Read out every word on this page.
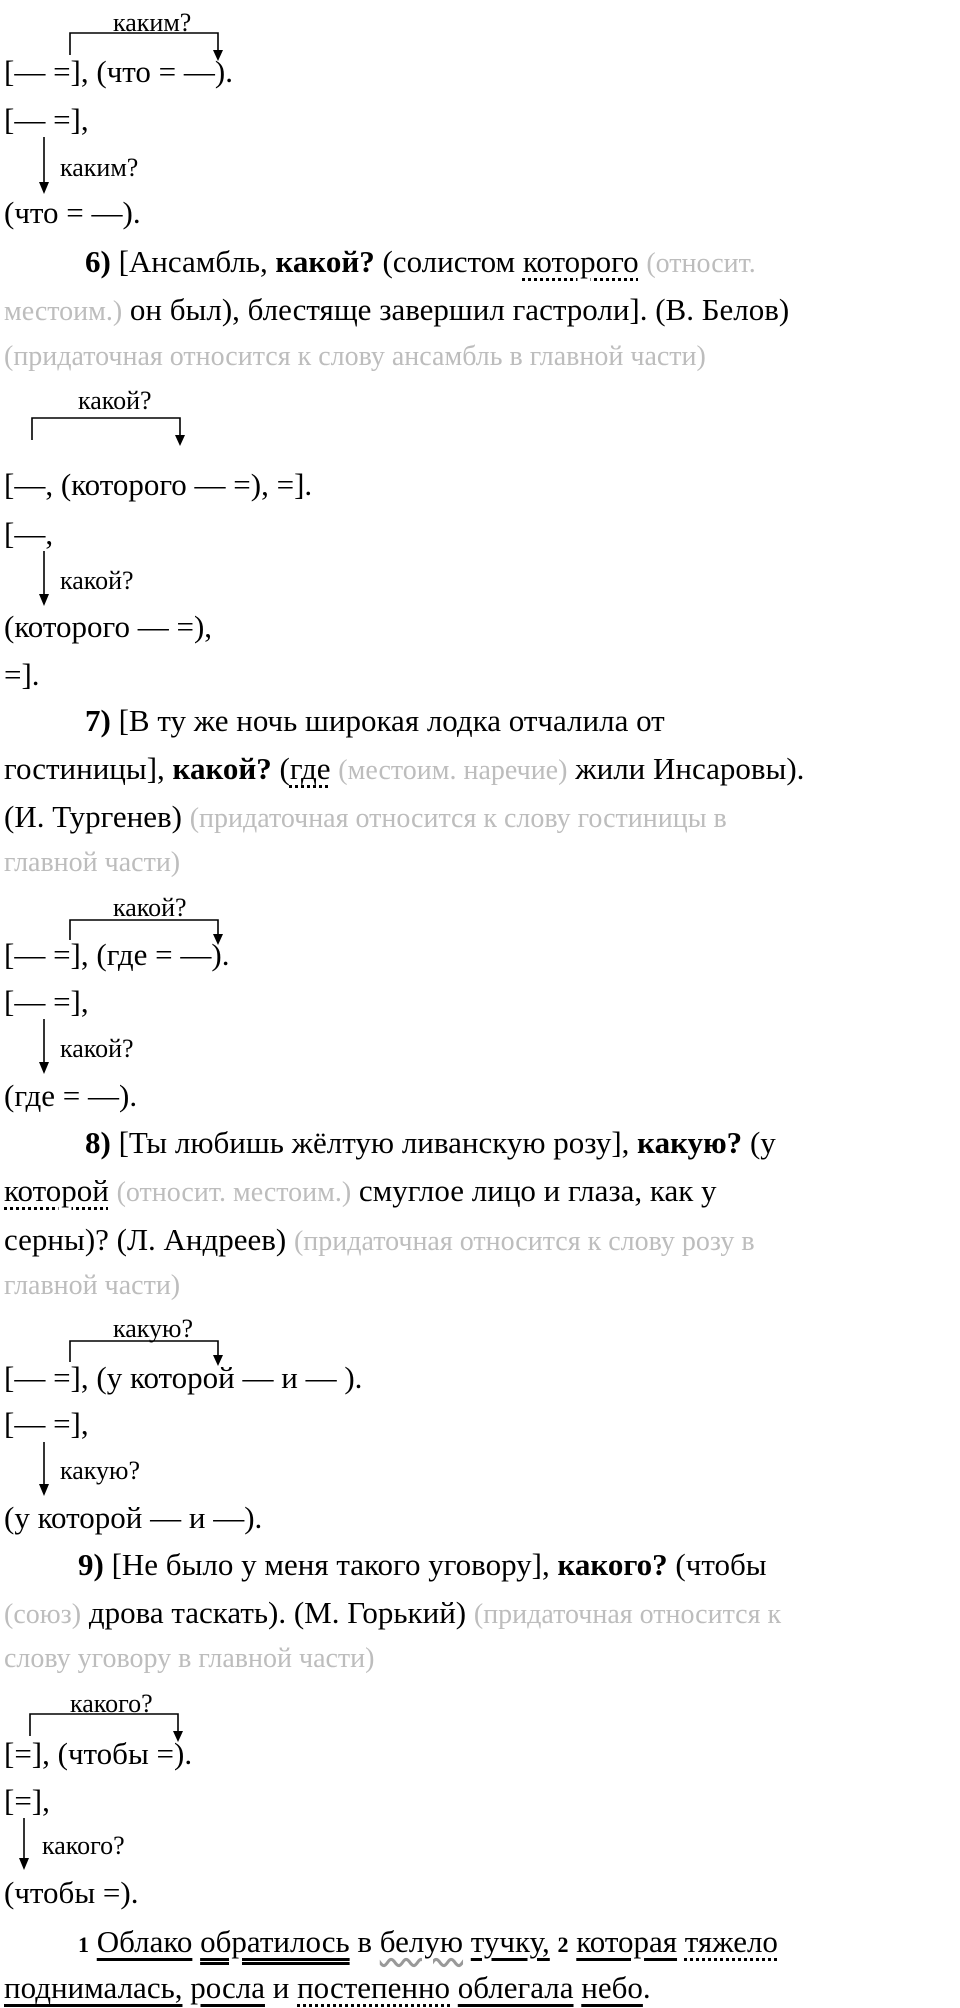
каким?
[— =], (что = —).
[— =],
каким?
(что = —).
6) [Ансамбль, какой? (солистом которого (относит.
местоим.) он был), блестяще завершил гастроли]. (В. Белов)
(придаточная относится к слову ансамбль в главной части)
какой?
[—, (которого — =), =].
[—,
какой?
(которого — =),
=].
7) [В ту же ночь широкая лодка отчалила от
гостиницы], какой? (где (местоим. наречие) жили Инсаровы).
(И. Тургенев) (придаточная относится к слову гостиницы в
главной части)
какой?
[— =], (где = —).
[— =],
какой?
(где = —).
8) [Ты любишь жёлтую ливанскую розу], какую? (у
которой (относит. местоим.) смуглое лицо и глаза, как у
серны)? (Л. Андреев) (придаточная относится к слову розу в
главной части)
какую?
[— =], (у которой — и — ).
[— =],
какую?
(у которой — и —).
9) [Не было у меня такого уговору], какого? (чтобы
(союз) дрова таскать). (М. Горький) (придаточная относится к
слову уговору в главной части)
какого?
[=], (чтобы =).
[=],
какого?
(чтобы =).
1 Облако обратилось в белую тучку, 2 которая тяжело
поднималась, росла и постепенно облегала небо.
